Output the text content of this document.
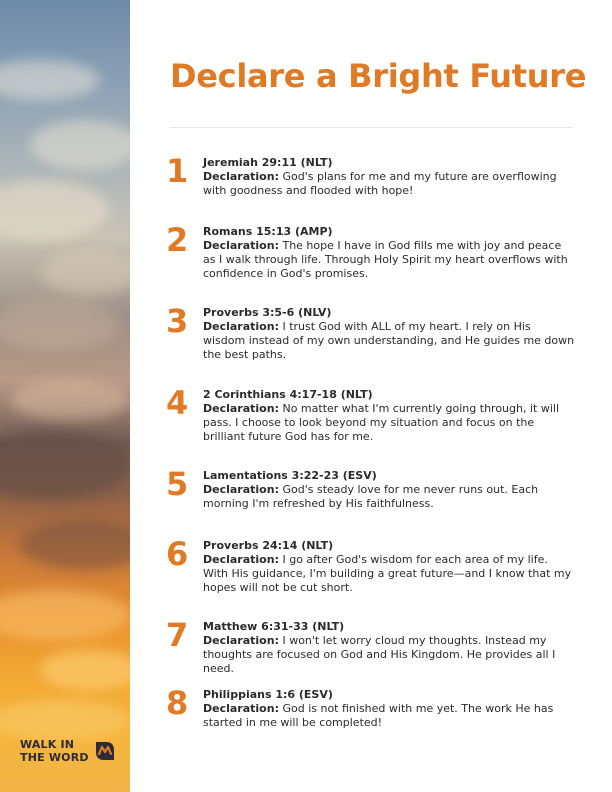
WALK IN
THE WORD
Declare a Bright Future
1	Jeremiah 29:11 (NLT)
Declaration: God's plans for me and my future are overflowing with goodness and flooded with hope!
2	Romans 15:13 (AMP)
Declaration: The hope I have in God fills me with joy and peace as I walk through life. Through Holy Spirit my heart overflows with confidence in God's promises.
3	Proverbs 3:5-6 (NLV)
Declaration: I trust God with ALL of my heart. I rely on His wisdom instead of my own understanding, and He guides me down the best paths.
4	2 Corinthians 4:17-18 (NLT)
Declaration: No matter what I'm currently going through, it will pass. I choose to look beyond my situation and focus on the brilliant future God has for me.
5	Lamentations 3:22-23 (ESV)
Declaration: God's steady love for me never runs out. Each morning I'm refreshed by His faithfulness.
6	Proverbs 24:14 (NLT)
Declaration: I go after God's wisdom for each area of my life. With His guidance, I'm building a great future—and I know that my hopes will not be cut short.
7	Matthew 6:31-33 (NLT)
Declaration: I won't let worry cloud my thoughts. Instead my thoughts are focused on God and His Kingdom. He provides all I need.
8	Philippians 1:6 (ESV)
Declaration: God is not finished with me yet. The work He has started in me will be completed!
